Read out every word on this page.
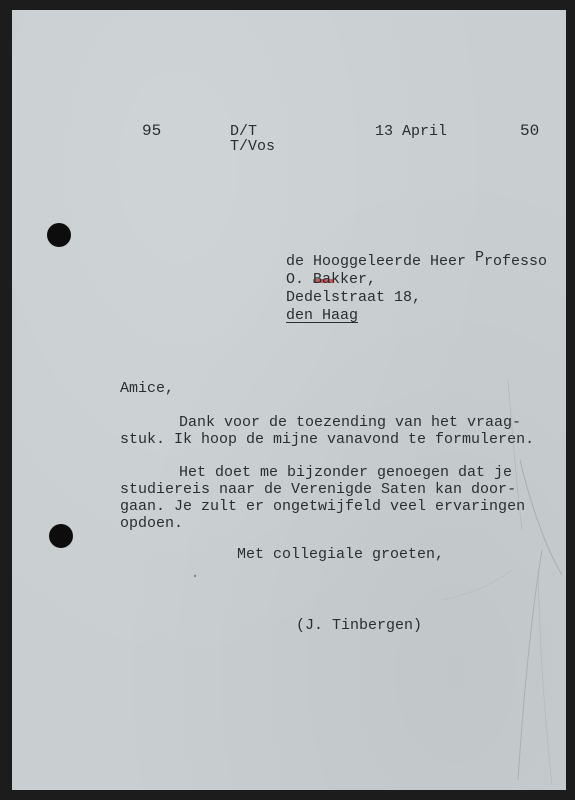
95	D/T
T/Vos
13 April	50
de Hooggeleerde Heer Professo
O. Bakker,
Dedelstraat 18,
den Haag
Amice,
Dank voor de toezending van het vraag-
stuk. Ik hoop de mijne vanavond te formuleren.
Het doet me bijzonder genoegen dat je
studiereis naar de Verenigde Saten kan door-
gaan. Je zult er ongetwijfeld veel ervaringen
opdoen.
Met collegiale groeten,
(J. Tinbergen)
